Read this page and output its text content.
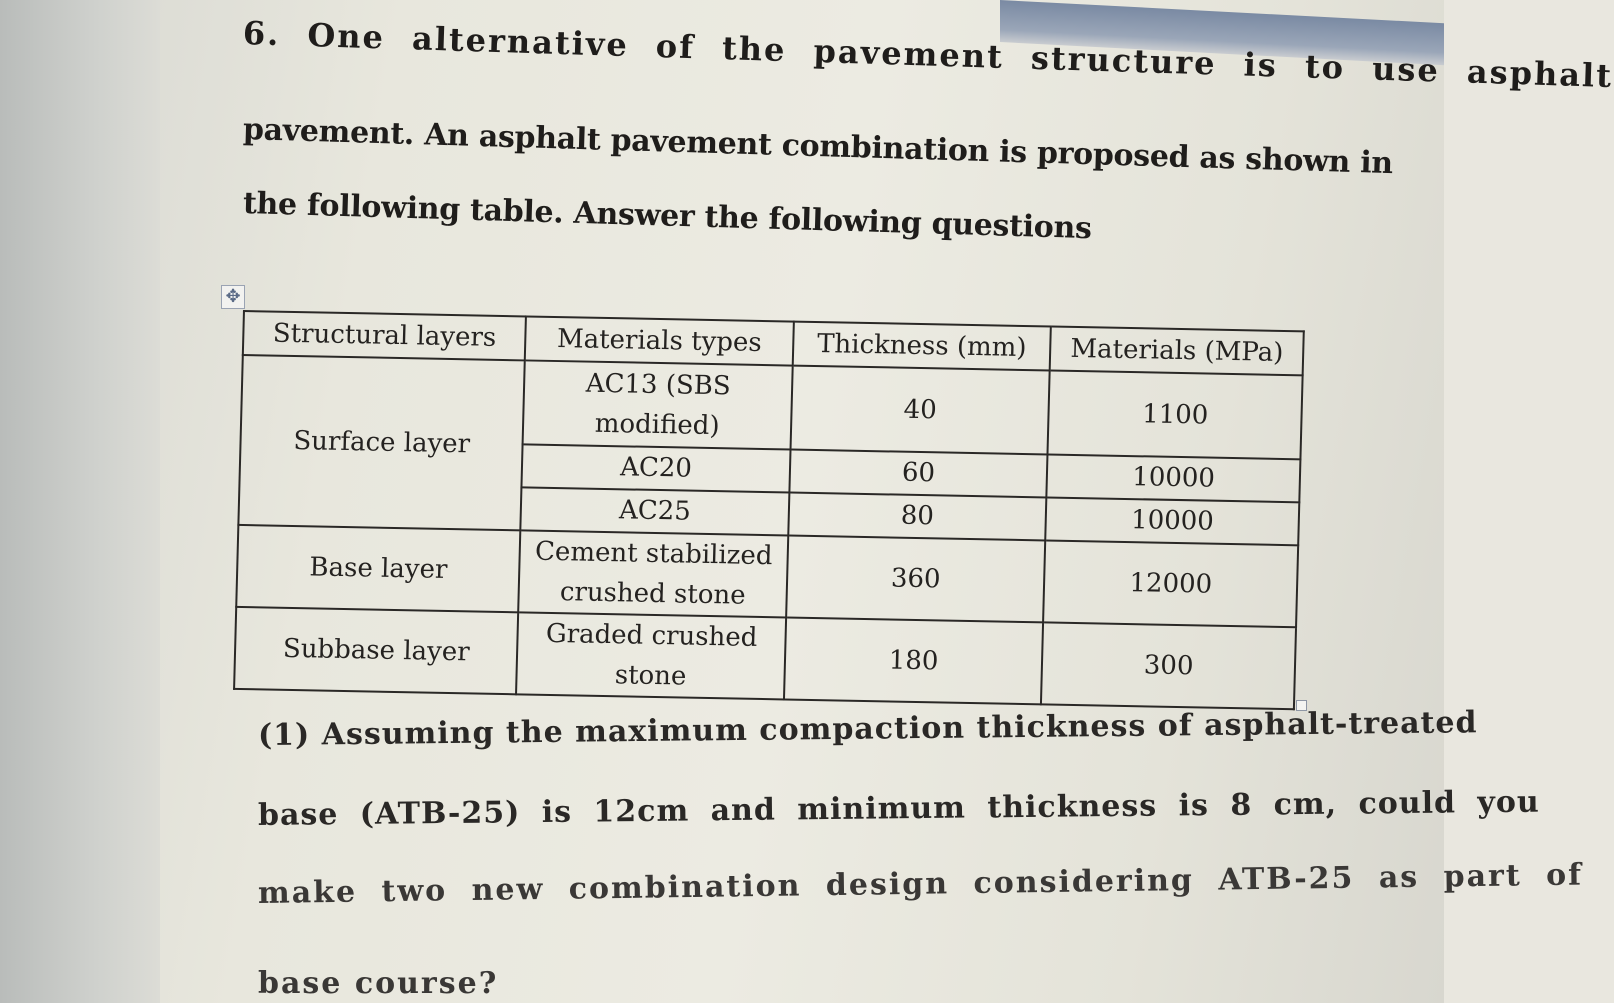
6. One alternative of the pavement structure is to use asphalt
pavement. An asphalt pavement combination is proposed as shown in
the following table. Answer the following questions
✥
Structural layers	Materials types	Thickness (mm)	Materials (MPa)
Surface layer	AC13 (SBS modified)	40	1100
	AC20	60	10000
	AC25	80	10000
Base layer	Cement stabilized crushed stone	360	12000
Subbase layer	Graded crushed stone	180	300
(1) Assuming the maximum compaction thickness of asphalt-treated
base (ATB-25) is 12cm and minimum thickness is 8 cm, could you
make two new combination design considering ATB-25 as part of
base course?
